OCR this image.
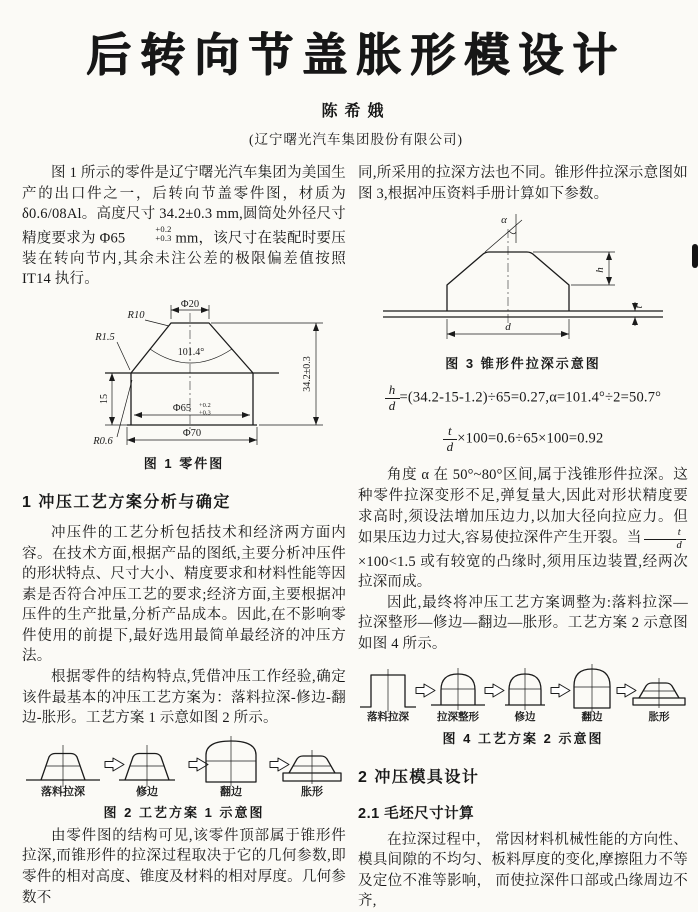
后转向节盖胀形模设计
陈希娥
(辽宁曙光汽车集团股份有限公司)

图 1 所示的零件是辽宁曙光汽车集团为美国生产的出口件之一，后转向节盖零件图，材质为 δ0.6/08Al。高度尺寸 34.2±0.3 mm,圆筒处外径尺寸精度要求为 Φ65
+0.2
+0.3 mm，该尺寸在装配时要压装在转向节内,其余未注公差的极限偏差值按照 IT14 执行。

Φ20
R10
R1.5
101.4°
34.2±0.3
15
R0.6
Φ65 +0.2
+0.3
Φ70
图 1 零件图
1 冲压工艺方案分析与确定

冲压件的工艺分析包括技术和经济两方面内容。在技术方面,根据产品的图纸,主要分析冲压件的形状特点、尺寸大小、精度要求和材料性能等因素是否符合冲压工艺的要求;经济方面,主要根据冲压件的生产批量,分析产品成本。因此,在不影响零件使用的前提下,最好选用最简单最经济的冲压方法。

根据零件的结构特点,凭借冲压工作经验,确定该件最基本的冲压工艺方案为：落料拉深-修边-翻边-胀形。工艺方案 1 示意如图 2 所示。

落料拉深	修边	翻边	胀形
图 2 工艺方案 1 示意图

由零件图的结构可见,该零件顶部属于锥形件拉深,而锥形件的拉深过程取决于它的几何参数,即零件的相对高度、锥度及材料的相对厚度。几何参数不

同,所采用的拉深方法也不同。锥形件拉深示意图如图 3,根据冲压资料手册计算如下参数。

α
h
t
d
图 3 锥形件拉深示意图
$\frac{h}{d} =(34.2-15-1.2)\div 65=0.27,\alpha=101.4^\circ\div 2=50.7^\circ$
$\frac{t}{d} \times 100=0.6\div 65\times 100=0.92$

角度 α 在 50°~80°区间,属于浅锥形件拉深。这种零件拉深变形不足,弹复量大,因此对形状精度要求高时,须设法增加压边力,以加大径向拉应力。但如果压边力过大,容易使拉深件产生开裂。当 $\frac{t}{d}$
×100<1.5 或有较宽的凸缘时,须用压边装置,经两次拉深而成。

因此,最终将冲压工艺方案调整为:落料拉深—拉深整形—修边—翻边—胀形。工艺方案 2 示意图如图 4 所示。

落料拉深	拉深整形	修边	翻边	胀形
图 4 工艺方案 2 示意图
2 冲压模具设计
2.1 毛坯尺寸计算

在拉深过程中， 常因材料机械性能的方向性、模具间隙的不均匀、板料厚度的变化,摩擦阻力不等及定位不准等影响， 而使拉深件口部或凸缘周边不齐,
